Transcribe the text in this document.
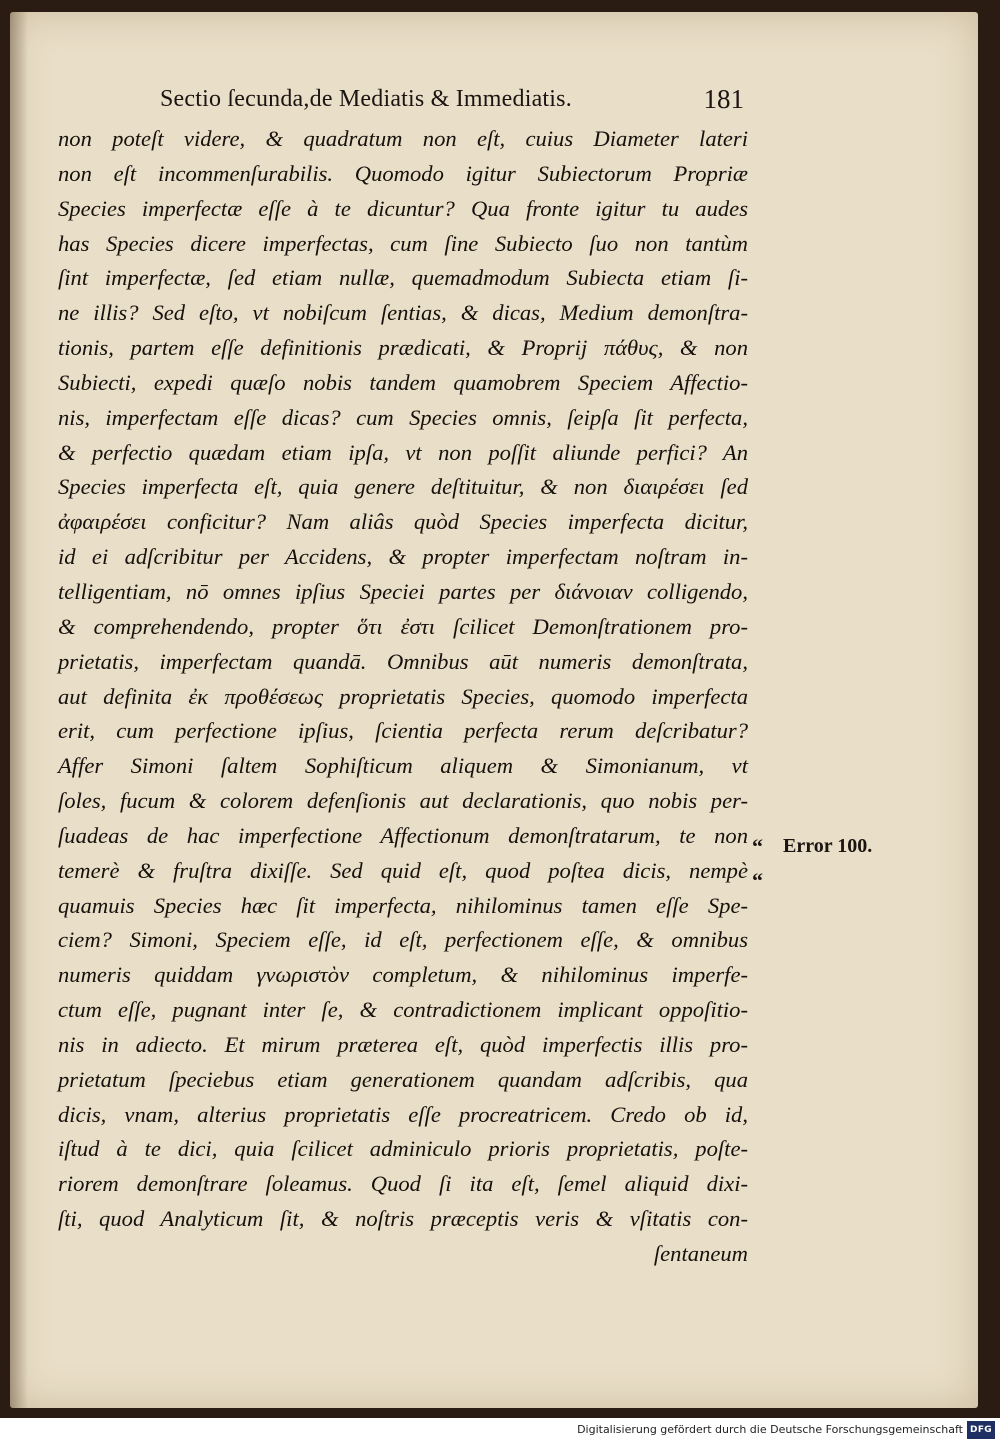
Sectio ſecunda,de Mediatis & Immediatis.	181
non poteſt videre, & quadratum non eſt, cuius Diameter lateri
non eſt incommenſurabilis. Quomodo igitur Subiectorum Propriæ
Species imperfectæ eſſe à te dicuntur? Qua fronte igitur tu audes
has Species dicere imperfectas, cum ſine Subiecto ſuo non tantùm
ſint imperfectæ, ſed etiam nullæ, quemadmodum Subiecta etiam ſi-
ne illis? Sed eſto, vt nobiſcum ſentias, & dicas, Medium demonſtra-
tionis, partem eſſe definitionis prædicati, & Proprij πάθυς, & non
Subiecti, expedi quæſo nobis tandem quamobrem Speciem Affectio-
nis, imperfectam eſſe dicas? cum Species omnis, ſeipſa ſit perfecta,
& perfectio quædam etiam ipſa, vt non poſſit aliunde perfici? An
Species imperfecta eſt, quia genere deſtituitur, & non διαιρέσει ſed
ἀφαιρέσει conficitur? Nam aliâs quòd Species imperfecta dicitur,
id ei adſcribitur per Accidens, & propter imperfectam noſtram in-
telligentiam, nō omnes ipſius Speciei partes per διάνοιαν colligendo,
& comprehendendo, propter ὅτι ἐστι ſcilicet Demonſtrationem pro-
prietatis, imperfectam quandā. Omnibus aūt numeris demonſtrata,
aut definita ἐκ προθέσεως proprietatis Species, quomodo imperfecta
erit, cum perfectione ipſius, ſcientia perfecta rerum deſcribatur?
Affer Simoni ſaltem Sophiſticum aliquem & Simonianum, vt
ſoles, fucum & colorem defenſionis aut declarationis, quo nobis per-
ſuadeas de hac imperfectione Affectionum demonſtratarum, te non
temerè & fruſtra dixiſſe. Sed quid eſt, quod poſtea dicis, nempè
quamuis Species hæc ſit imperfecta, nihilominus tamen eſſe Spe-
ciem? Simoni, Speciem eſſe, id eſt, perfectionem eſſe, & omnibus
numeris quiddam γνωριστὸν completum, & nihilominus imperfe-
ctum eſſe, pugnant inter ſe, & contradictionem implicant oppoſitio-
nis in adiecto. Et mirum præterea eſt, quòd imperfectis illis pro-
prietatum ſpeciebus etiam generationem quandam adſcribis, qua
dicis, vnam, alterius proprietatis eſſe procreatricem. Credo ob id,
iſtud à te dici, quia ſcilicet adminiculo prioris proprietatis, poſte-
riorem demonſtrare ſoleamus. Quod ſi ita eſt, ſemel aliquid dixi-
ſti, quod Analyticum ſit, & noſtris præceptis veris & vſitatis con-
ſentaneum
“
“
Error 100.
Digitalisierung gefördert durch die Deutsche Forschungsgemeinschaft DFG
